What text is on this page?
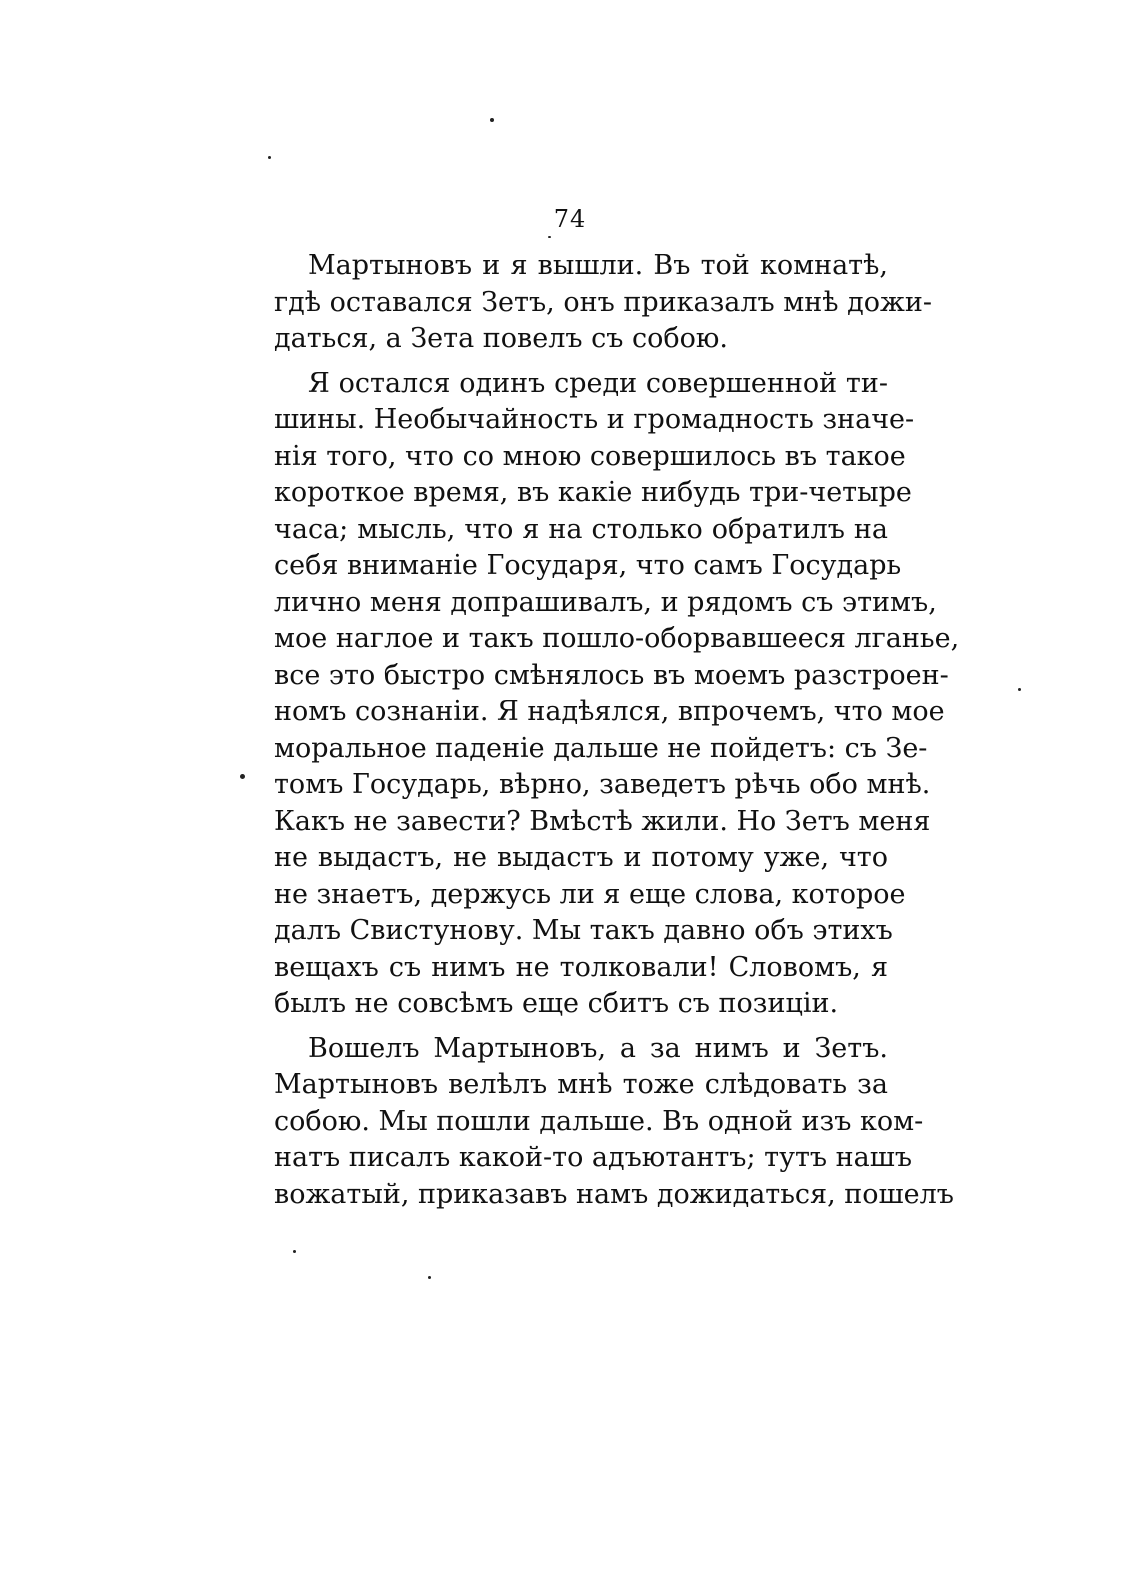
74
Мартыновъ и я вышли. Въ той комнатѣ,
гдѣ оставался Зетъ, онъ приказалъ мнѣ дожи-
даться, а Зета повелъ съ собою.
Я остался одинъ среди совершенной ти-
шины. Необычайность и громадность значе-
нія того, что со мною совершилось въ такое
короткое время, въ какіе нибудь три-четыре
часа; мысль, что я на столько обратилъ на
себя вниманіе Государя, что самъ Государь
лично меня допрашивалъ, и рядомъ съ этимъ,
мое наглое и такъ пошло-оборвавшееся лганье,
все это быстро смѣнялось въ моемъ разстроен-
номъ сознаніи. Я надѣялся, впрочемъ, что мое
моральное паденіе дальше не пойдетъ: съ Зе-
томъ Государь, вѣрно, заведетъ рѣчь обо мнѣ.
Какъ не завести? Вмѣстѣ жили. Но Зетъ меня
не выдастъ, не выдастъ и потому уже, что
не знаетъ, держусь ли я еще слова, которое
далъ Свистунову. Мы такъ давно объ этихъ
вещахъ съ нимъ не толковали! Словомъ, я
былъ не совсѣмъ еще сбитъ съ позиціи.
Вошелъ Мартыновъ, а за нимъ и Зетъ.
Мартыновъ велѣлъ мнѣ тоже слѣдовать за
собою. Мы пошли дальше. Въ одной изъ ком-
натъ писалъ какой-то адъютантъ; тутъ нашъ
вожатый, приказавъ намъ дожидаться, пошелъ
